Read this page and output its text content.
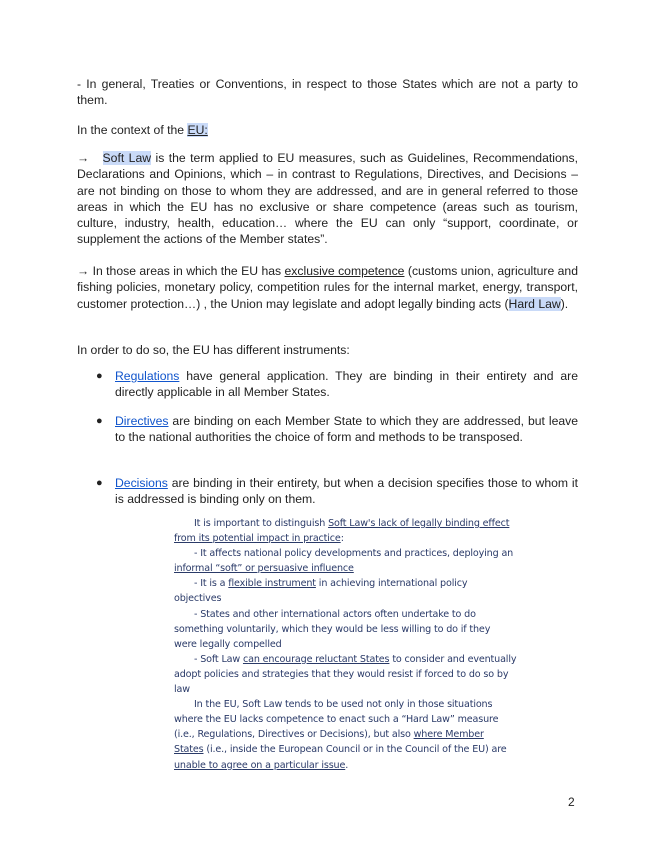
- In general, Treaties or Conventions, in respect to those States which are not a party to them.

In the context of the EU:

→ Soft Law is the term applied to EU measures, such as Guidelines, Recommendations, Declarations and Opinions, which – in contrast to Regulations, Directives, and Decisions – are not binding on those to whom they are addressed, and are in general referred to those areas in which the EU has no exclusive or share competence (areas such as tourism, culture, industry, health, education… where the EU can only “support, coordinate, or supplement the actions of the Member states”.

→ In those areas in which the EU has exclusive competence (customs union, agriculture and fishing policies, monetary policy, competition rules for the internal market, energy, transport, customer protection…) , the Union may legislate and adopt legally binding acts (Hard Law).

In order to do so, the EU has different instruments:

● Regulations have general application. They are binding in their entirety and are directly applicable in all Member States.
● Directives are binding on each Member State to which they are addressed, but leave to the national authorities the choice of form and methods to be transposed.
● Decisions are binding in their entirety, but when a decision specifies those to whom it is addressed is binding only on them.
It is important to distinguish Soft Law's lack of legally binding effect
from its potential impact in practice:
- It affects national policy developments and practices, deploying an
informal “soft” or persuasive influence
- It is a flexible instrument in achieving international policy
objectives
- States and other international actors often undertake to do
something voluntarily, which they would be less willing to do if they
were legally compelled
- Soft Law can encourage reluctant States to consider and eventually
adopt policies and strategies that they would resist if forced to do so by
law
In the EU, Soft Law tends to be used not only in those situations
where the EU lacks competence to enact such a “Hard Law” measure
(i.e., Regulations, Directives or Decisions), but also where Member
States (i.e., inside the European Council or in the Council of the EU) are
unable to agree on a particular issue.
2
